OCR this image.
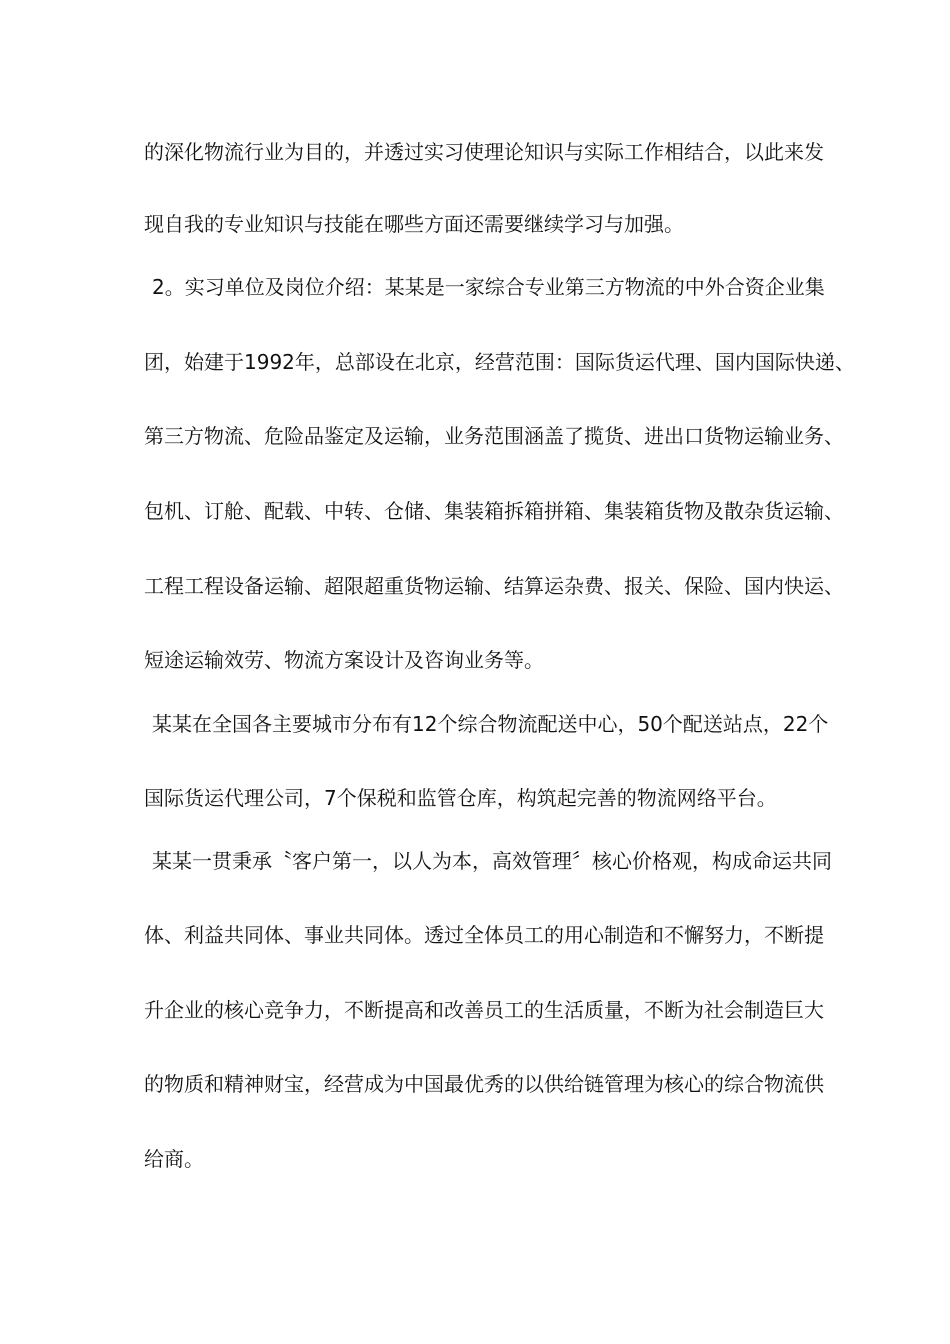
的深化物流行业为目的，并透过实习使理论知识与实际工作相结合，以此来发
现自我的专业知识与技能在哪些方面还需要继续学习与加强。
2。实习单位及岗位介绍：某某是一家综合专业第三方物流的中外合资企业集
团，始建于1992年，总部设在北京，经营范围：国际货运代理、国内国际快递、
第三方物流、危险品鉴定及运输，业务范围涵盖了揽货、进出口货物运输业务、
包机、订舱、配载、中转、仓储、集装箱拆箱拼箱、集装箱货物及散杂货运输、
工程工程设备运输、超限超重货物运输、结算运杂费、报关、保险、国内快运、
短途运输效劳、物流方案设计及咨询业务等。
某某在全国各主要城市分布有12个综合物流配送中心，50个配送站点，22个
国际货运代理公司，7个保税和监管仓库，构筑起完善的物流网络平台。
某某一贯秉承〝客户第一，以人为本，高效管理〞核心价格观，构成命运共同
体、利益共同体、事业共同体。透过全体员工的用心制造和不懈努力，不断提
升企业的核心竞争力，不断提高和改善员工的生活质量，不断为社会制造巨大
的物质和精神财宝，经营成为中国最优秀的以供给链管理为核心的综合物流供
给商。
